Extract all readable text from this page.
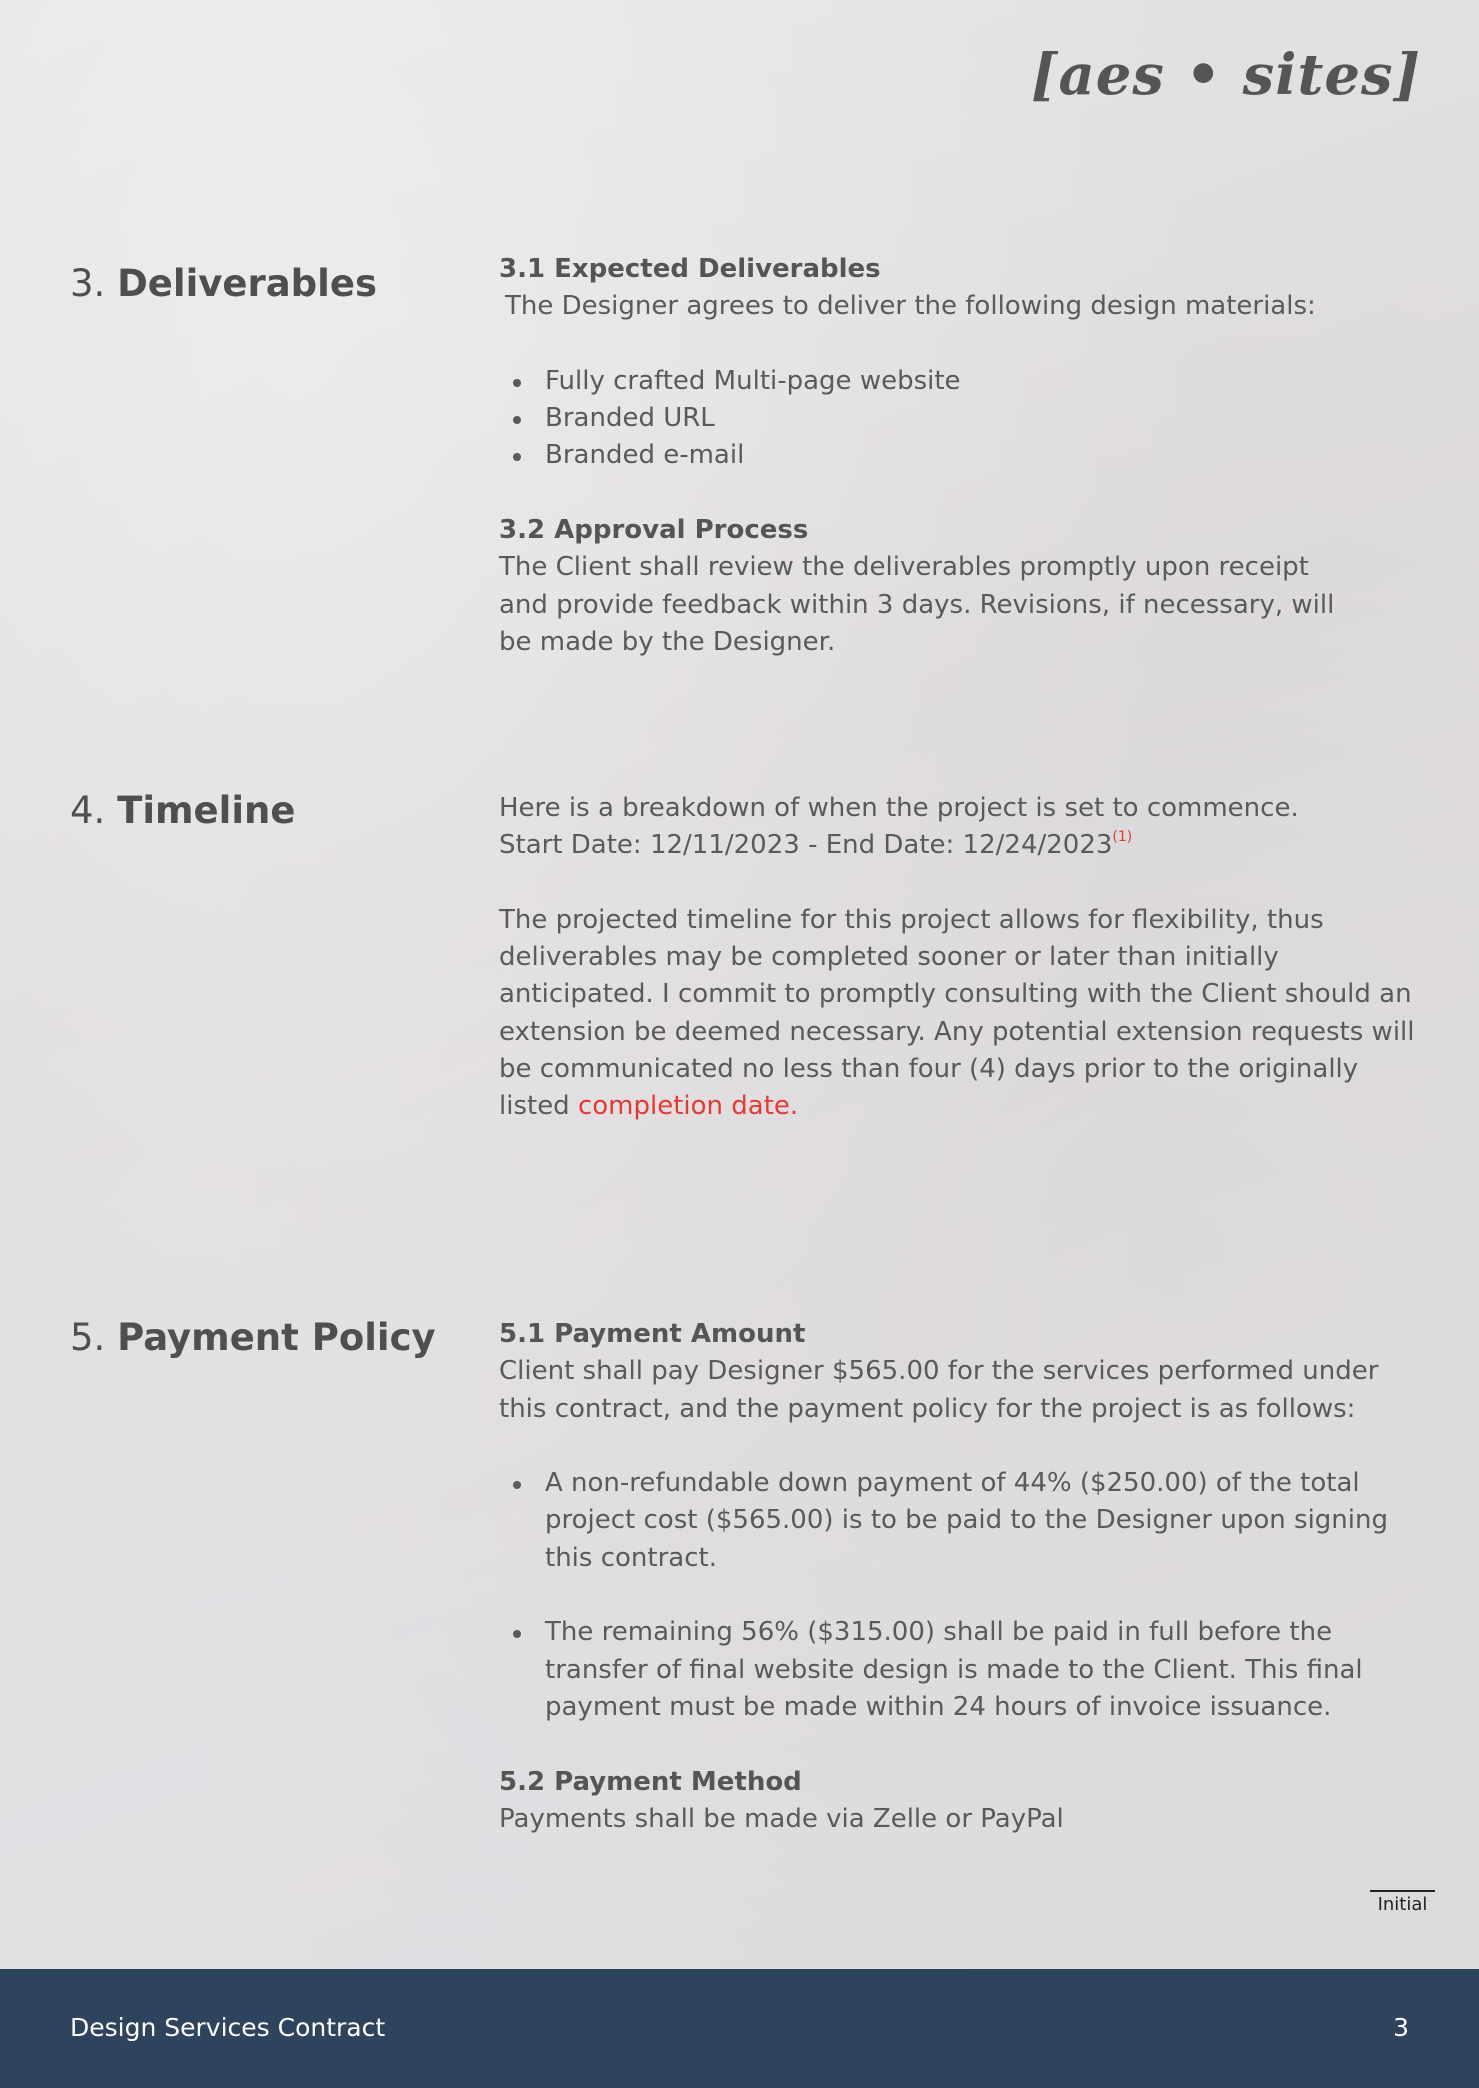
[aes • sites]
3. Deliverables	3.1 Expected Deliverables

The Designer agrees to deliver the following design materials:

Fully crafted Multi-page website
Branded URL
Branded e-mail

3.2 Approval Process

The Client shall review the deliverables promptly upon receipt and provide feedback within 3 days. Revisions, if necessary, will be made by the Designer.

4. Timeline	Here is a breakdown of when the project is set to commence.

Start Date: 12/11/2023 - End Date: 12/24/2023$^{(1)}$

The projected timeline for this project allows for flexibility, thus deliverables may be completed sooner or later than initially anticipated. I commit to promptly consulting with the Client should an extension be deemed necessary. Any potential extension requests will be communicated no less than four (4) days prior to the originally listed completion date.

5. Payment Policy 5.1 Payment Amount

Client shall pay Designer $565.00 for the services performed under this contract, and the payment policy for the project is as follows:

A non-refundable down payment of 44% ($250.00) of the total project cost ($565.00) is to be paid to the Designer upon signing this contract.
The remaining 56% ($315.00) shall be paid in full before the transfer of final website design is made to the Client. This final payment must be made within 24 hours of invoice issuance.

5.2 Payment Method

Payments shall be made via Zelle or PayPal

Initial
Design Services Contract	3
